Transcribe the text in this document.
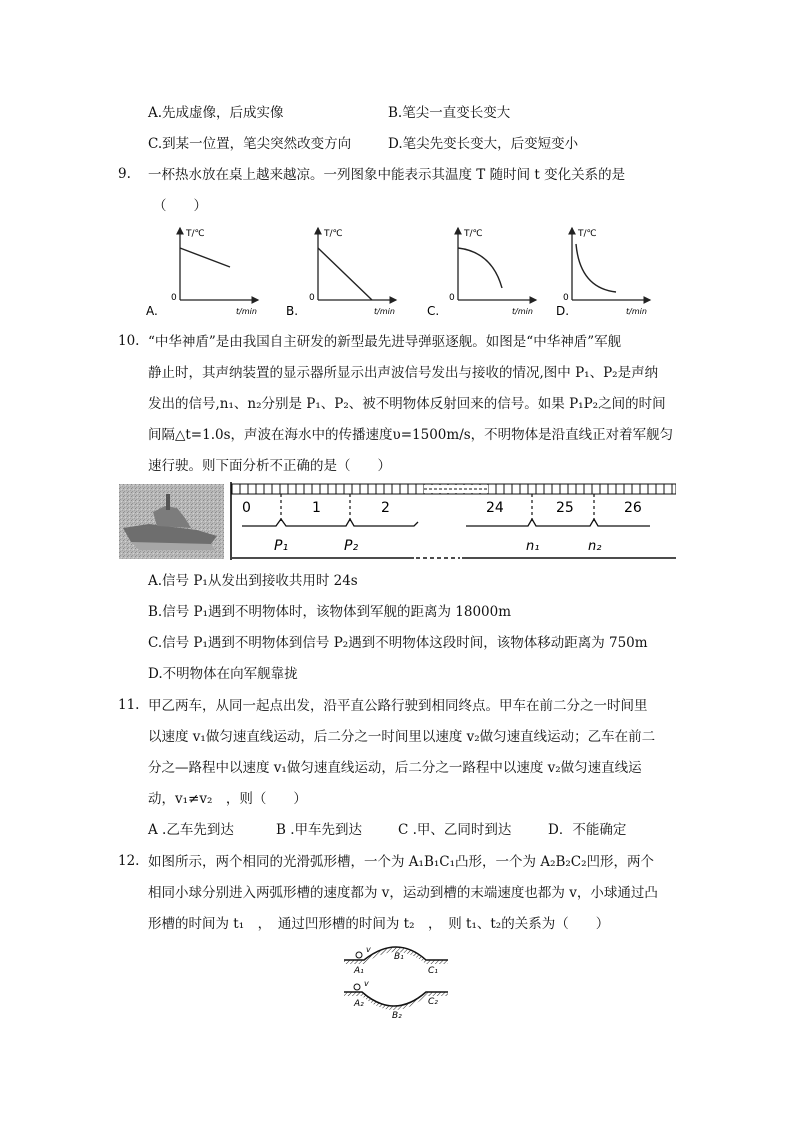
A.先成虚像，后成实像	B.笔尖一直变长变大
C.到某一位置，笔尖突然改变方向	D.笔尖先变长变大，后变短变小
9. 一杯热水放在桌上越来越凉。一列图象中能表示其温度 T 随时间 t 变化关系的是
（　　）
T/℃
t/min
0
A.
T/℃
t/min
0
B.
T/℃
t/min
0
C.
T/℃
t/min
0
D.
10. “中华神盾”是由我国自主研发的新型最先进导弹驱逐舰。如图是“中华神盾”军舰
静止时，其声纳装置的显示器所显示出声波信号发出与接收的情况,图中 P₁、P₂是声纳
发出的信号,n₁、n₂分别是 P₁、P₂、被不明物体反射回来的信号。如果 P₁P₂之间的时间
间隔△t=1.0s，声波在海水中的传播速度υ=1500m/s，不明物体是沿直线正对着军舰匀
速行驶。则下面分析不正确的是（　　）
0	1	2	24	25	26
P₁	P₂	n₁	n₂
A.信号 P₁从发出到接收共用时 24s
B.信号 P₁遇到不明物体时，该物体到军舰的距离为 18000m
C.信号 P₁遇到不明物体到信号 P₂遇到不明物体这段时间，该物体移动距离为 750m
D.不明物体在向军舰靠拢
11. 甲乙两车，从同一起点出发，沿平直公路行驶到相同终点。甲车在前二分之一时间里
以速度 v₁做匀速直线运动，后二分之一时间里以速度 v₂做匀速直线运动；乙车在前二
分之—路程中以速度 v₁做匀速直线运动，后二分之一路程中以速度 v₂做匀速直线运
动，v₁≠v₂　，则（　　）
A .乙车先到达	B .甲车先到达	C .甲、乙同时到达	D．不能确定
12. 如图所示，两个相同的光滑弧形槽，一个为 A₁B₁C₁凸形，一个为 A₂B₂C₂凹形，两个
相同小球分别进入两弧形槽的速度都为 v，运动到槽的末端速度也都为 v，小球通过凸
形槽的时间为 t₁　，　通过凹形槽的时间为 t₂　，　则 t₁、t₂的关系为（　　）
v
A₁
B₁
C₁
v
A₂
B₂
C₂
